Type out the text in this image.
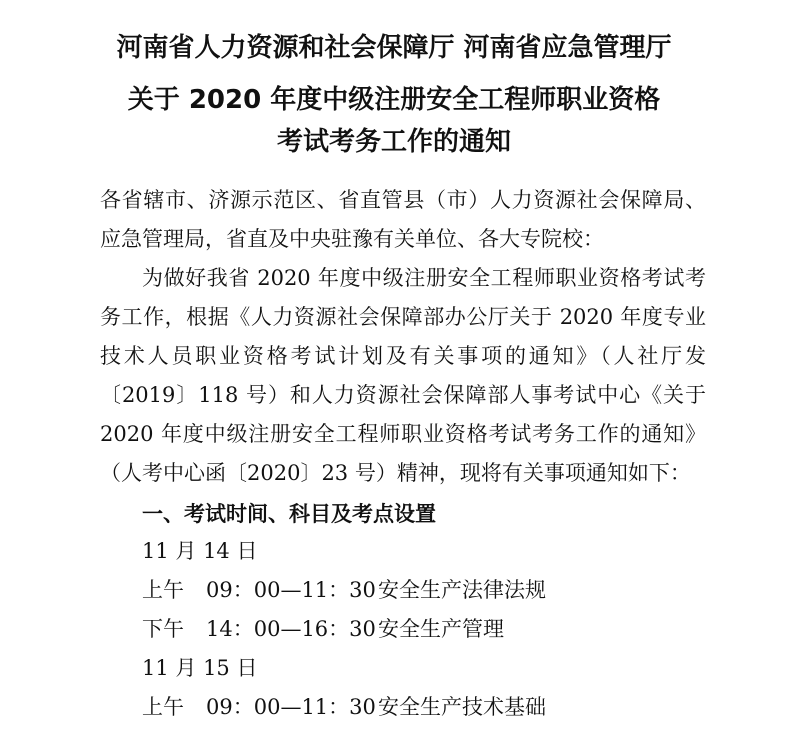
河南省人力资源和社会保障厅 河南省应急管理厅
关于 2020 年度中级注册安全工程师职业资格
考试考务工作的通知
各省辖市、济源示范区、省直管县（市）人力资源社会保障局、
应急管理局，省直及中央驻豫有关单位、各大专院校：
为做好我省 2020 年度中级注册安全工程师职业资格考试考
务工作，根据《人力资源社会保障部办公厅关于 2020 年度专业
技术人员职业资格考试计划及有关事项的通知》（人社厅发
〔2019〕118 号）和人力资源社会保障部人事考试中心《关于
2020 年度中级注册安全工程师职业资格考试考务工作的通知》
（人考中心函〔2020〕23 号）精神，现将有关事项通知如下：
一、考试时间、科目及考点设置
11 月 14 日
上午 09：00—11：30 安全生产法律法规
下午 14：00—16：30 安全生产管理
11 月 15 日
上午 09：00—11：30 安全生产技术基础
